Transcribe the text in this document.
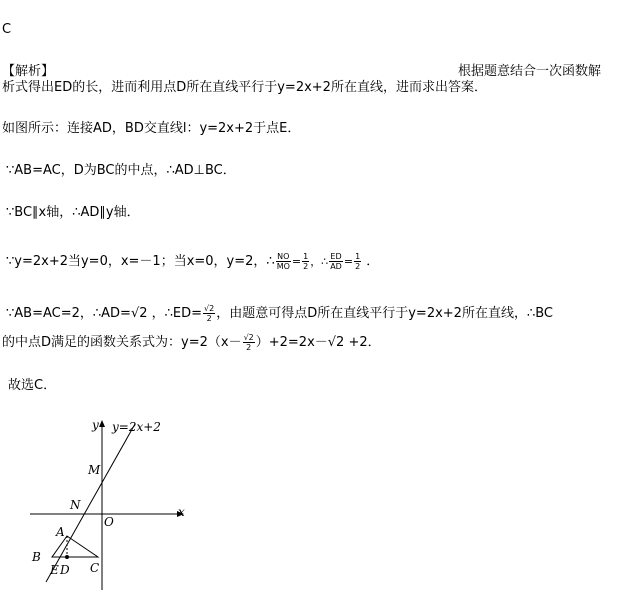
C
【解析】	根据题意结合一次函数解
析式得出ED的长，进而利用点D所在直线平行于y=2x+2所在直线，进而求出答案．
如图所示：连接AD，BD交直线l：y=2x+2于点E．
∵AB=AC，D为BC的中点，∴AD⊥BC．
∵BC∥x轴，∴AD∥y轴．
∵y=2x+2当y=0，x=－1；当x=0，y=2，∴ $\frac{NO}{MO} = \frac{1}{2}$ ，∴ $\frac{ED}{AD} = \frac{1}{2}$ ．
∵AB=AC=2，∴AD=√2 ，∴ED= $\frac{√2}{2}$ ，由题意可得点D所在直线平行于y=2x+2所在直线，∴BC
的中点D满足的函数关系式为：$y=2(x- \frac{√2}{2} )+2=2x-√2 +2$．
故选C．
y y=2x+2
x
M
N
O
A
B
C
E D
